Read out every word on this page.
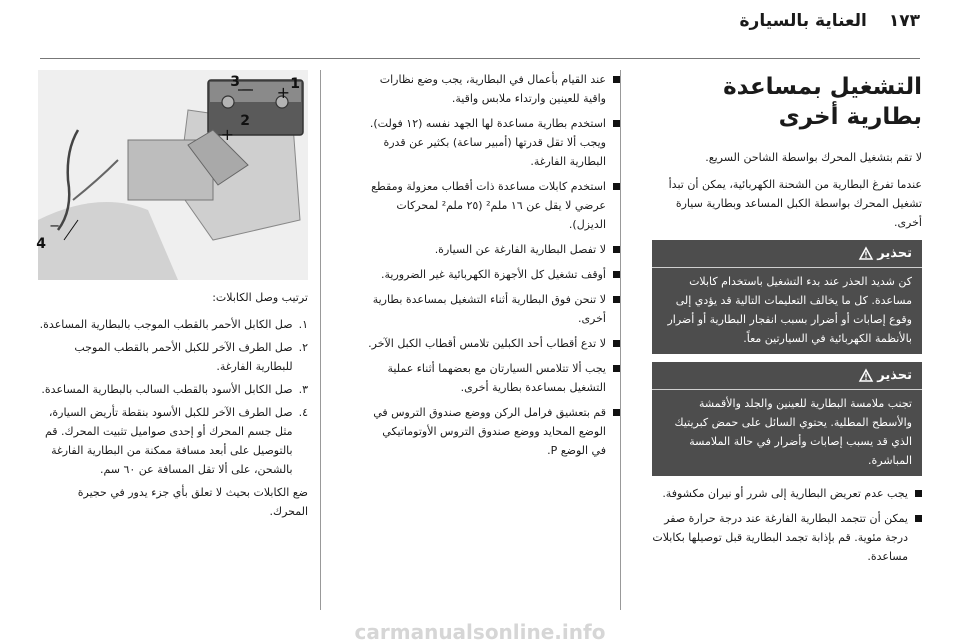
١٧٣
العناية بالسيارة
التشغيل بمساعدة بطارية أخرى

لا تقم بتشغيل المحرك بواسطة الشاحن السريع.

عندما تفرغ البطارية من الشحنة الكهربائية، يمكن أن تبدأ تشغيل المحرك بواسطة الكبل المساعد وبطارية سيارة أخرى.

تحذير
كن شديد الحذر عند بدء التشغيل باستخدام كابلات مساعدة. كل ما يخالف التعليمات التالية قد يؤدي إلى وقوع إصابات أو أضرار بسبب انفجار البطارية أو أضرار بالأنظمة الكهربائية في السيارتين معاً.
تحذير
تجنب ملامسة البطارية للعينين والجلد والأقمشة والأسطح المطلية. يحتوي السائل على حمض كبريتيك الذي قد يسبب إصابات وأضرار في حالة الملامسة المباشرة.
يجب عدم تعريض البطارية إلى شرر أو نيران مكشوفة.
يمكن أن تتجمد البطارية الفارغة عند درجة حرارة صفر درجة مئوية. قم بإذابة تجمد البطارية قبل توصيلها بكابلات مساعدة.
عند القيام بأعمال في البطارية، يجب وضع نظارات واقية للعينين وارتداء ملابس واقية.
استخدم بطارية مساعدة لها الجهد نفسه (١٢ فولت). ويجب ألا تقل قدرتها (أمبير ساعة) بكثير عن قدرة البطارية الفارغة.
استخدم كابلات مساعدة ذات أقطاب معزولة ومقطع عرضي لا يقل عن ١٦ ملم² (٢٥ ملم² لمحركات الديزل).
لا تفصل البطارية الفارغة عن السيارة.
أوقف تشغيل كل الأجهزة الكهربائية غير الضرورية.
لا تنحن فوق البطارية أثناء التشغيل بمساعدة بطارية أخرى.
لا تدع أقطاب أحد الكبلين تلامس أقطاب الكبل الآخر.
يجب ألا تتلامس السيارتان مع بعضهما أثناء عملية التشغيل بمساعدة بطارية أخرى.
قم بتعشيق فرامل الركن ووضع صندوق التروس في الوضع المحايد ووضع صندوق التروس الأوتوماتيكي في الوضع P.
3
− + 1
2
+
4
−

ترتيب وصل الكابلات:

١.
صل الكابل الأحمر بالقطب الموجب بالبطارية المساعدة.
٢.
صل الطرف الآخر للكبل الأحمر بالقطب الموجب للبطارية الفارغة.
٣.
صل الكابل الأسود بالقطب السالب بالبطارية المساعدة.
٤.
صل الطرف الآخر للكبل الأسود بنقطة تأريض السيارة، مثل جسم المحرك أو إحدى صواميل تثبيت المحرك. قم بالتوصيل على أبعد مسافة ممكنة من البطارية الفارغة بالشحن، على ألا تقل المسافة عن ٦٠ سم.

ضع الكابلات بحيث لا تعلق بأي جزء يدور في حجيرة المحرك.

carmanualsonline.info
